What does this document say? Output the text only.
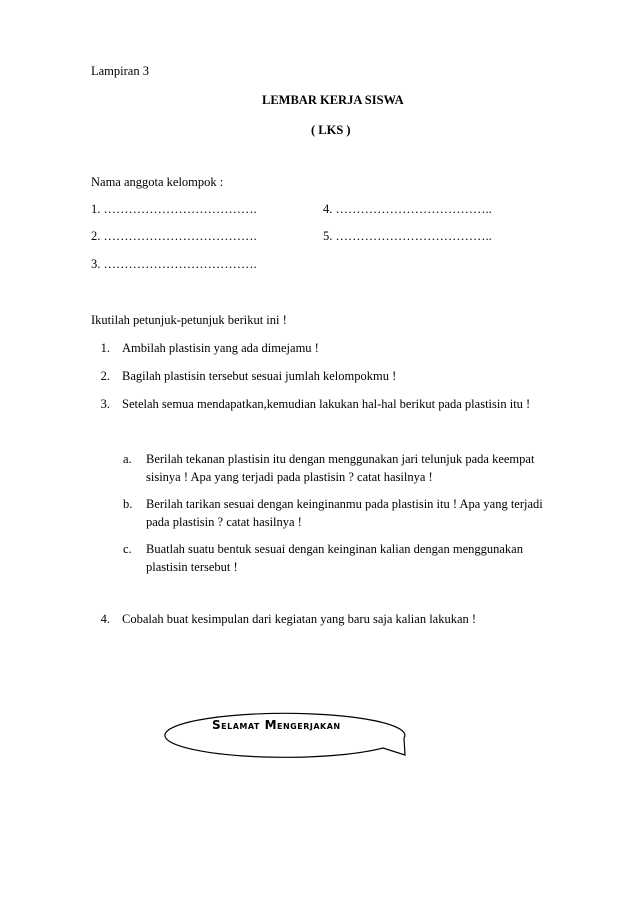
Lampiran 3
LEMBAR KERJA SISWA
( LKS )
Nama anggota kelompok :
1. ……………………………….
2. ……………………………….
3. ……………………………….
4. ………………………………..
5. ………………………………..
Ikutilah petunjuk-petunjuk berikut ini !
1. Ambilah plastisin yang ada dimejamu !
2. Bagilah plastisin tersebut sesuai jumlah kelompokmu !
3. Setelah semua mendapatkan,kemudian lakukan hal-hal berikut pada plastisin itu !
a. Berilah tekanan plastisin itu dengan menggunakan jari telunjuk pada keempat
sisinya ! Apa yang terjadi pada plastisin ? catat hasilnya !
b. Berilah tarikan sesuai dengan keinginanmu pada plastisin itu ! Apa yang terjadi
pada plastisin ? catat hasilnya !
c. Buatlah suatu bentuk sesuai dengan keinginan kalian dengan menggunakan
plastisin tersebut !
4. Cobalah buat kesimpulan dari kegiatan yang baru saja kalian lakukan !
Selamat Mengerjakan
